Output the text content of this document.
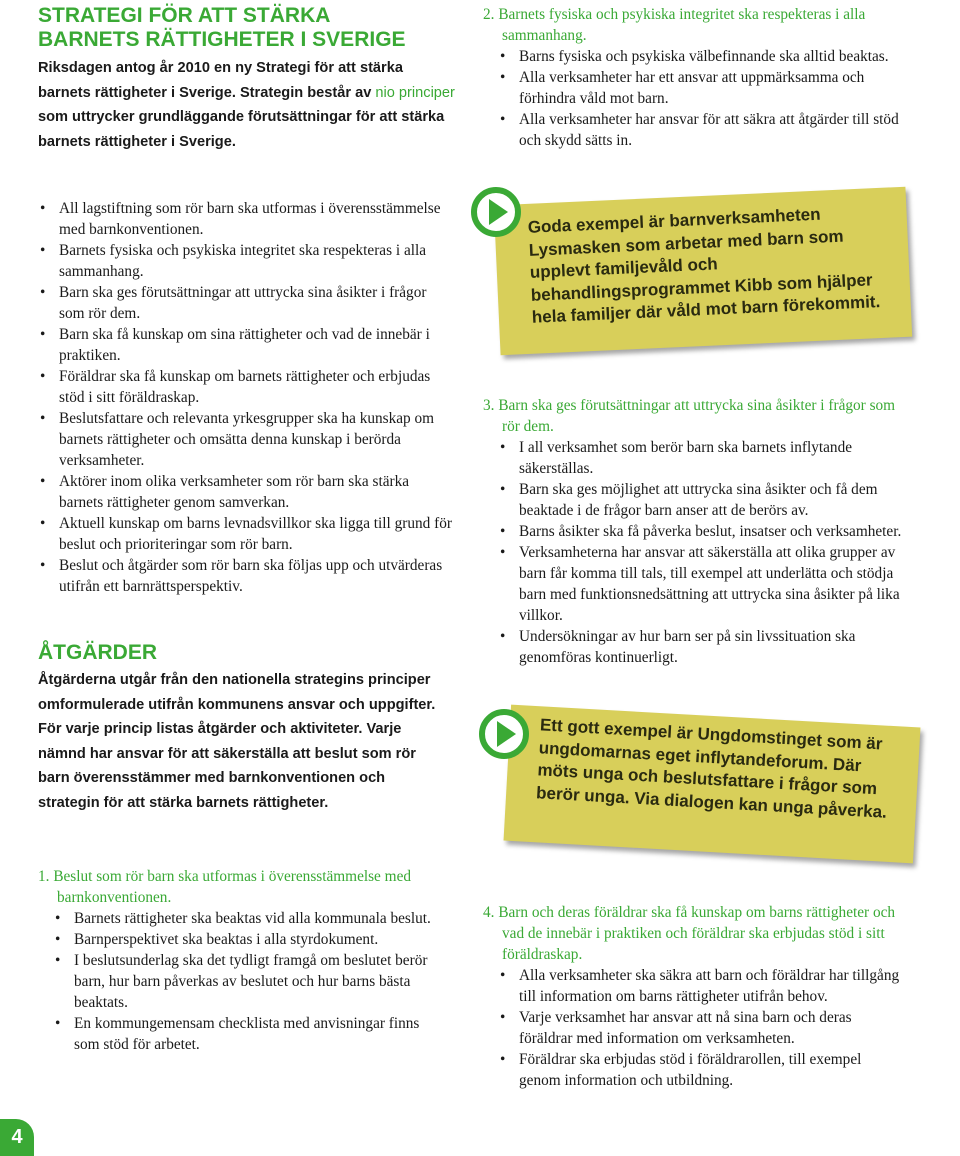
STRATEGI FÖR ATT STÄRKA
BARNETS RÄTTIGHETER I SVERIGE

Riksdagen antog år 2010 en ny Strategi för att stärka barnets rättigheter i Sverige. Strategin består av nio principer som uttrycker grundläggande förutsättningar för att stärka barnets rättigheter i Sverige.

• All lagstiftning som rör barn ska utformas i överensstämmelse med barnkonventionen.
• Barnets fysiska och psykiska integritet ska respekteras i alla sammanhang.
• Barn ska ges förutsättningar att uttrycka sina åsikter i frågor som rör dem.
• Barn ska få kunskap om sina rättigheter och vad de innebär i praktiken.
• Föräldrar ska få kunskap om barnets rättigheter och erbjudas stöd i sitt föräldraskap.
• Beslutsfattare och relevanta yrkesgrupper ska ha kunskap om barnets rättigheter och omsätta denna kunskap i berörda verksamheter.
• Aktörer inom olika verksamheter som rör barn ska stärka barnets rättigheter genom samverkan.
• Aktuell kunskap om barns levnadsvillkor ska ligga till grund för beslut och prioriteringar som rör barn.
• Beslut och åtgärder som rör barn ska följas upp och utvärderas utifrån ett barnrättsperspektiv.
ÅTGÄRDER

Åtgärderna utgår från den nationella strategins principer omformulerade utifrån kommunens ansvar och uppgifter. För varje princip listas åtgärder och aktiviteter. Varje nämnd har ansvar för att säkerställa att beslut som rör barn överensstämmer med barnkonventionen och strategin för att stärka barnets rättigheter.

1. Beslut som rör barn ska utformas i överensstämmelse med barnkonventionen.

• Barnets rättigheter ska beaktas vid alla kommunala beslut.
• Barnperspektivet ska beaktas i alla styrdokument.
• I beslutsunderlag ska det tydligt framgå om beslutet berör barn, hur barn påverkas av beslutet och hur barns bästa beaktats.
• En kommungemensam checklista med anvisningar finns som stöd för arbetet.

2. Barnets fysiska och psykiska integritet ska respekteras i alla sammanhang.

• Barns fysiska och psykiska välbefinnande ska alltid beaktas.
• Alla verksamheter har ett ansvar att uppmärksamma och förhindra våld mot barn.
• Alla verksamheter har ansvar för att säkra att åtgärder till stöd och skydd sätts in.
Goda exempel är barnverksamheten Lysmasken som arbetar med barn som upplevt familjevåld och behandlingsprogrammet Kibb som hjälper hela familjer där våld mot barn förekommit.

3. Barn ska ges förutsättningar att uttrycka sina åsikter i frågor som rör dem.

• I all verksamhet som berör barn ska barnets inflytande säkerställas.
• Barn ska ges möjlighet att uttrycka sina åsikter och få dem beaktade i de frågor barn anser att de berörs av.
• Barns åsikter ska få påverka beslut, insatser och verksamheter.
• Verksamheterna har ansvar att säkerställa att olika grupper av barn får komma till tals, till exempel att underlätta och stödja barn med funktionsnedsättning att uttrycka sina åsikter på lika villkor.
• Undersökningar av hur barn ser på sin livssituation ska genomföras kontinuerligt.
Ett gott exempel är Ungdomstinget som är ungdomarnas eget inflytandeforum. Där möts unga och beslutsfattare i frågor som berör unga. Via dialogen kan unga påverka.

4. Barn och deras föräldrar ska få kunskap om barns rättigheter och vad de innebär i praktiken och föräldrar ska erbjudas stöd i sitt föräldraskap.

• Alla verksamheter ska säkra att barn och föräldrar har tillgång till information om barns rättigheter utifrån behov.
• Varje verksamhet har ansvar att nå sina barn och deras föräldrar med information om verksamheten.
• Föräldrar ska erbjudas stöd i föräldrarollen, till exempel genom information och utbildning.
4
